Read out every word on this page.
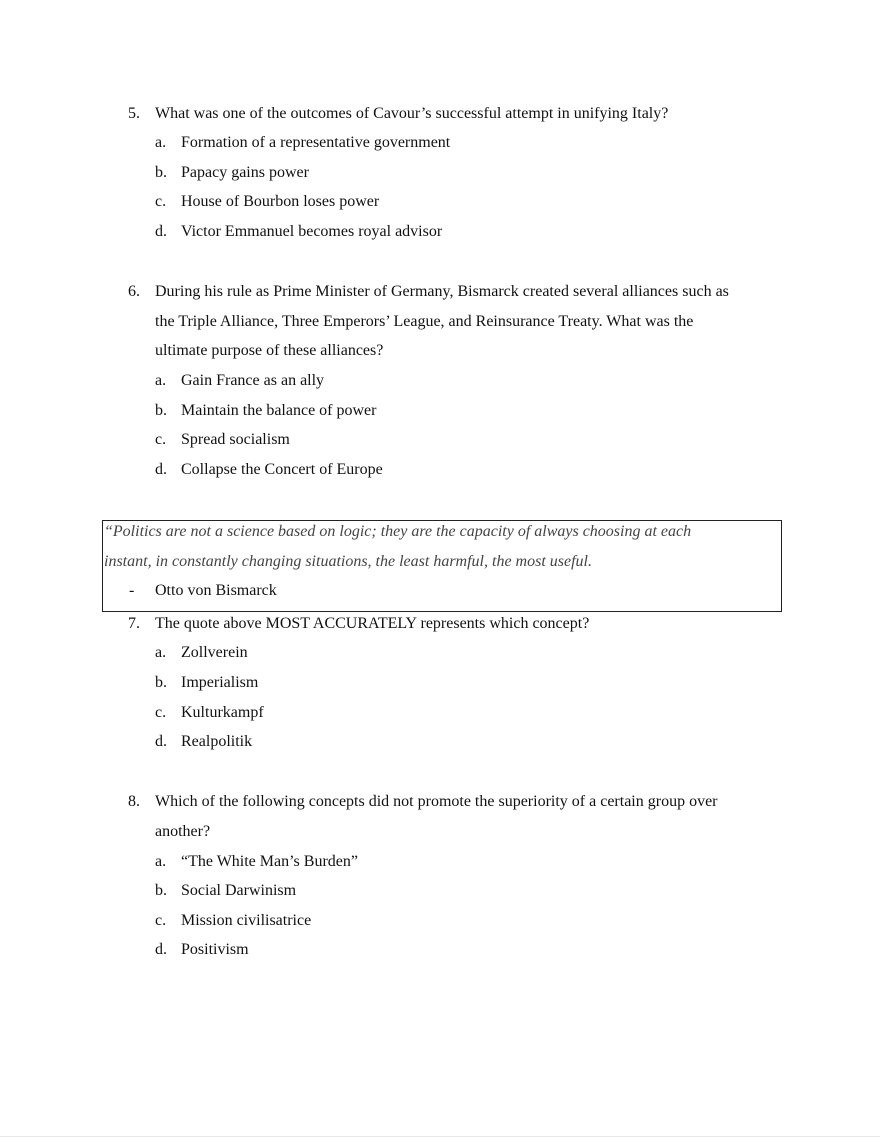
5. What was one of the outcomes of Cavour’s successful attempt in unifying Italy?
a. Formation of a representative government
b. Papacy gains power
c. House of Bourbon loses power
d. Victor Emmanuel becomes royal advisor
6. During his rule as Prime Minister of Germany, Bismarck created several alliances such as
the Triple Alliance, Three Emperors’ League, and Reinsurance Treaty. What was the
ultimate purpose of these alliances?
a. Gain France as an ally
b. Maintain the balance of power
c. Spread socialism
d. Collapse the Concert of Europe
“Politics are not a science based on logic; they are the capacity of always choosing at each
instant, in constantly changing situations, the least harmful, the most useful.
- Otto von Bismarck
7. The quote above MOST ACCURATELY represents which concept?
a. Zollverein
b. Imperialism
c. Kulturkampf
d. Realpolitik
8. Which of the following concepts did not promote the superiority of a certain group over
another?
a. “The White Man’s Burden”
b. Social Darwinism
c. Mission civilisatrice
d. Positivism
